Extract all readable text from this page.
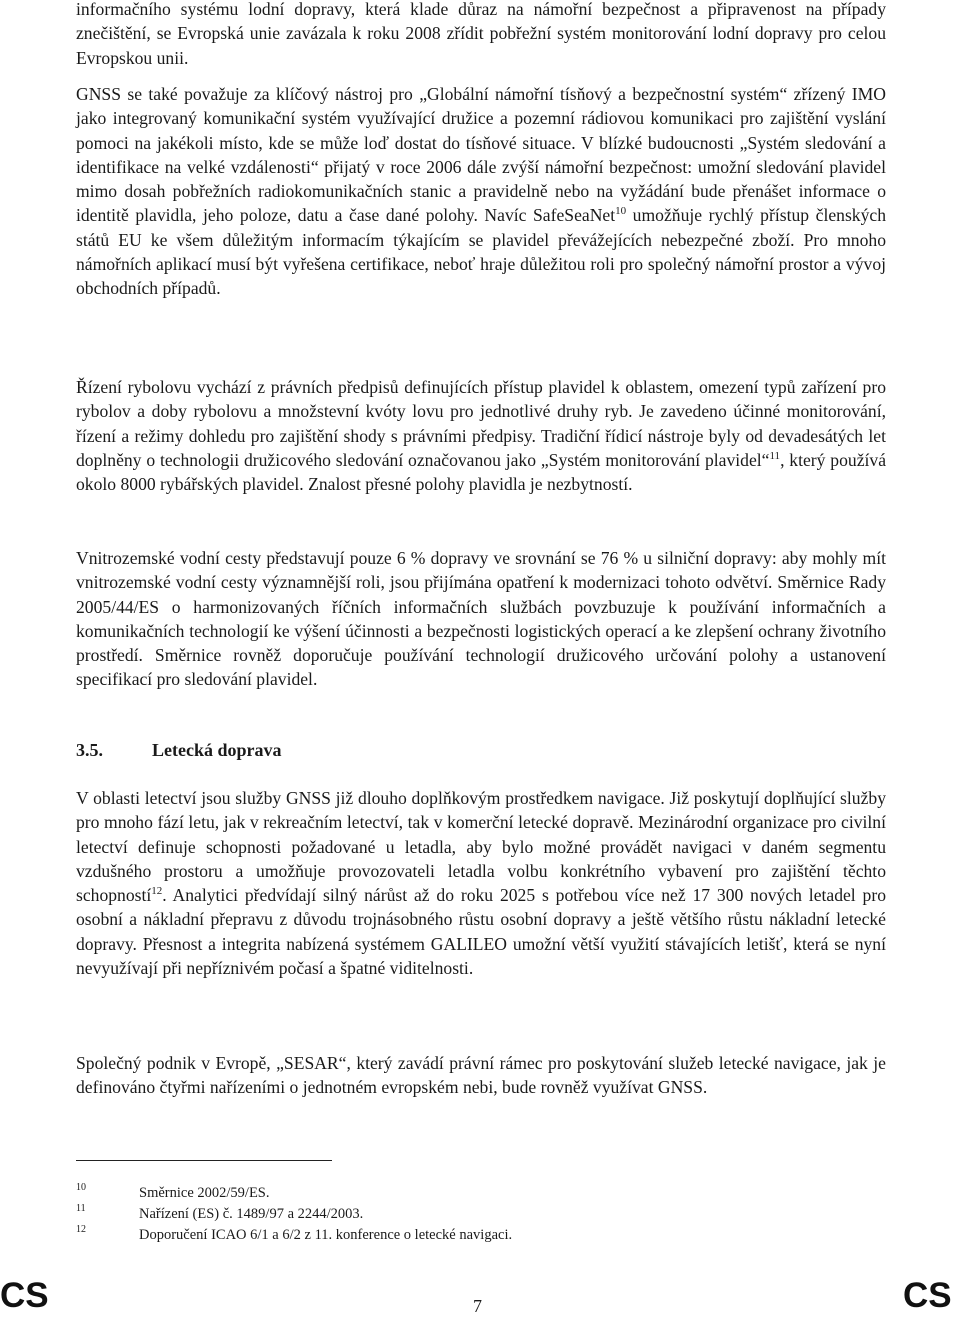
informačního systému lodní dopravy, která klade důraz na námořní bezpečnost a připravenost na případy znečištění, se Evropská unie zavázala k roku 2008 zřídit pobřežní systém monitorování lodní dopravy pro celou Evropskou unii.

GNSS se také považuje za klíčový nástroj pro „Globální námořní tísňový a bezpečnostní systém“ zřízený IMO jako integrovaný komunikační systém využívající družice a pozemní rádiovou komunikaci pro zajištění vyslání pomoci na jakékoli místo, kde se může loď dostat do tísňové situace. V blízké budoucnosti „Systém sledování a identifikace na velké vzdálenosti“ přijatý v roce 2006 dále zvýší námořní bezpečnost: umožní sledování plavidel mimo dosah pobřežních radiokomunikačních stanic a pravidelně nebo na vyžádání bude přenášet informace o identitě plavidla, jeho poloze, datu a čase dané polohy. Navíc SafeSeaNet$^{10}$ umožňuje rychlý přístup členských států EU ke všem důležitým informacím týkajícím se plavidel převážejících nebezpečné zboží. Pro mnoho námořních aplikací musí být vyřešena certifikace, neboť hraje důležitou roli pro společný námořní prostor a vývoj obchodních případů.

Řízení rybolovu vychází z právních předpisů definujících přístup plavidel k oblastem, omezení typů zařízení pro rybolov a doby rybolovu a množstevní kvóty lovu pro jednotlivé druhy ryb. Je zavedeno účinné monitorování, řízení a režimy dohledu pro zajištění shody s právními předpisy. Tradiční řídicí nástroje byly od devadesátých let doplněny o technologii družicového sledování označovanou jako „Systém monitorování plavidel“$^{11}$, který používá okolo 8000 rybářských plavidel. Znalost přesné polohy plavidla je nezbytností.

Vnitrozemské vodní cesty představují pouze 6 % dopravy ve srovnání se 76 % u silniční dopravy: aby mohly mít vnitrozemské vodní cesty významnější roli, jsou přijímána opatření k modernizaci tohoto odvětví. Směrnice Rady 2005/44/ES o harmonizovaných říčních informačních službách povzbuzuje k používání informačních a komunikačních technologií ke výšení účinnosti a bezpečnosti logistických operací a ke zlepšení ochrany životního prostředí. Směrnice rovněž doporučuje používání technologií družicového určování polohy a ustanovení specifikací pro sledování plavidel.

3.5.	Letecká doprava

V oblasti letectví jsou služby GNSS již dlouho doplňkovým prostředkem navigace. Již poskytují doplňující služby pro mnoho fází letu, jak v rekreačním letectví, tak v komerční letecké dopravě. Mezinárodní organizace pro civilní letectví definuje schopnosti požadované u letadla, aby bylo možné provádět navigaci v daném segmentu vzdušného prostoru a umožňuje provozovateli letadla volbu konkrétního vybavení pro zajištění těchto schopností$^{12}$. Analytici předvídají silný nárůst až do roku 2025 s potřebou více než 17 300 nových letadel pro osobní a nákladní přepravu z důvodu trojnásobného růstu osobní dopravy a ještě většího růstu nákladní letecké dopravy. Přesnost a integrita nabízená systémem GALILEO umožní větší využití stávajících letišť, která se nyní nevyužívají při nepříznivém počasí a špatné viditelnosti.

Společný podnik v Evropě, „SESAR“, který zavádí právní rámec pro poskytování služeb letecké navigace, jak je definováno čtyřmi nařízeními o jednotném evropském nebi, bude rovněž využívat GNSS.

10	Směrnice 2002/59/ES.
11	Nařízení (ES) č. 1489/97 a 2244/2003.
12	Doporučení ICAO 6/1 a 6/2 z 11. konference o letecké navigaci.
CS	7	CS
